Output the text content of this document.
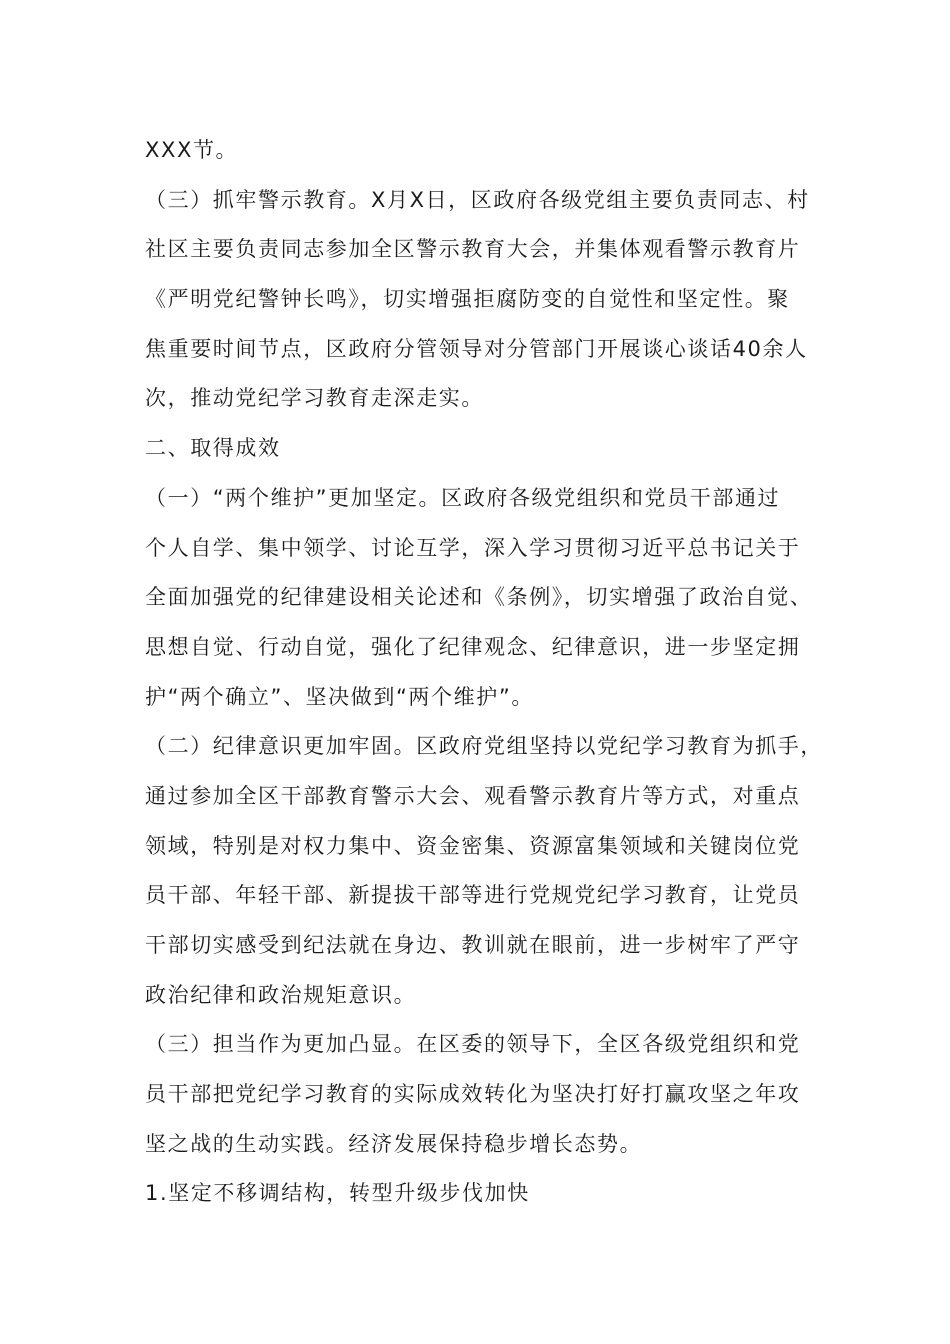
XXX节。
（三）抓牢警示教育。X月X日，区政府各级党组主要负责同志、村
社区主要负责同志参加全区警示教育大会，并集体观看警示教育片
《严明党纪警钟长鸣》，切实增强拒腐防变的自觉性和坚定性。聚
焦重要时间节点，区政府分管领导对分管部门开展谈心谈话40余人
次，推动党纪学习教育走深走实。
二、取得成效
（一）“两个维护”更加坚定。区政府各级党组织和党员干部通过
个人自学、集中领学、讨论互学，深入学习贯彻习近平总书记关于
全面加强党的纪律建设相关论述和《条例》，切实增强了政治自觉、
思想自觉、行动自觉，强化了纪律观念、纪律意识，进一步坚定拥
护“两个确立”、坚决做到“两个维护”。
（二）纪律意识更加牢固。区政府党组坚持以党纪学习教育为抓手，
通过参加全区干部教育警示大会、观看警示教育片等方式，对重点
领域，特别是对权力集中、资金密集、资源富集领域和关键岗位党
员干部、年轻干部、新提拔干部等进行党规党纪学习教育，让党员
干部切实感受到纪法就在身边、教训就在眼前，进一步树牢了严守
政治纪律和政治规矩意识。
（三）担当作为更加凸显。在区委的领导下，全区各级党组织和党
员干部把党纪学习教育的实际成效转化为坚决打好打赢攻坚之年攻
坚之战的生动实践。经济发展保持稳步增长态势。
1.坚定不移调结构，转型升级步伐加快
